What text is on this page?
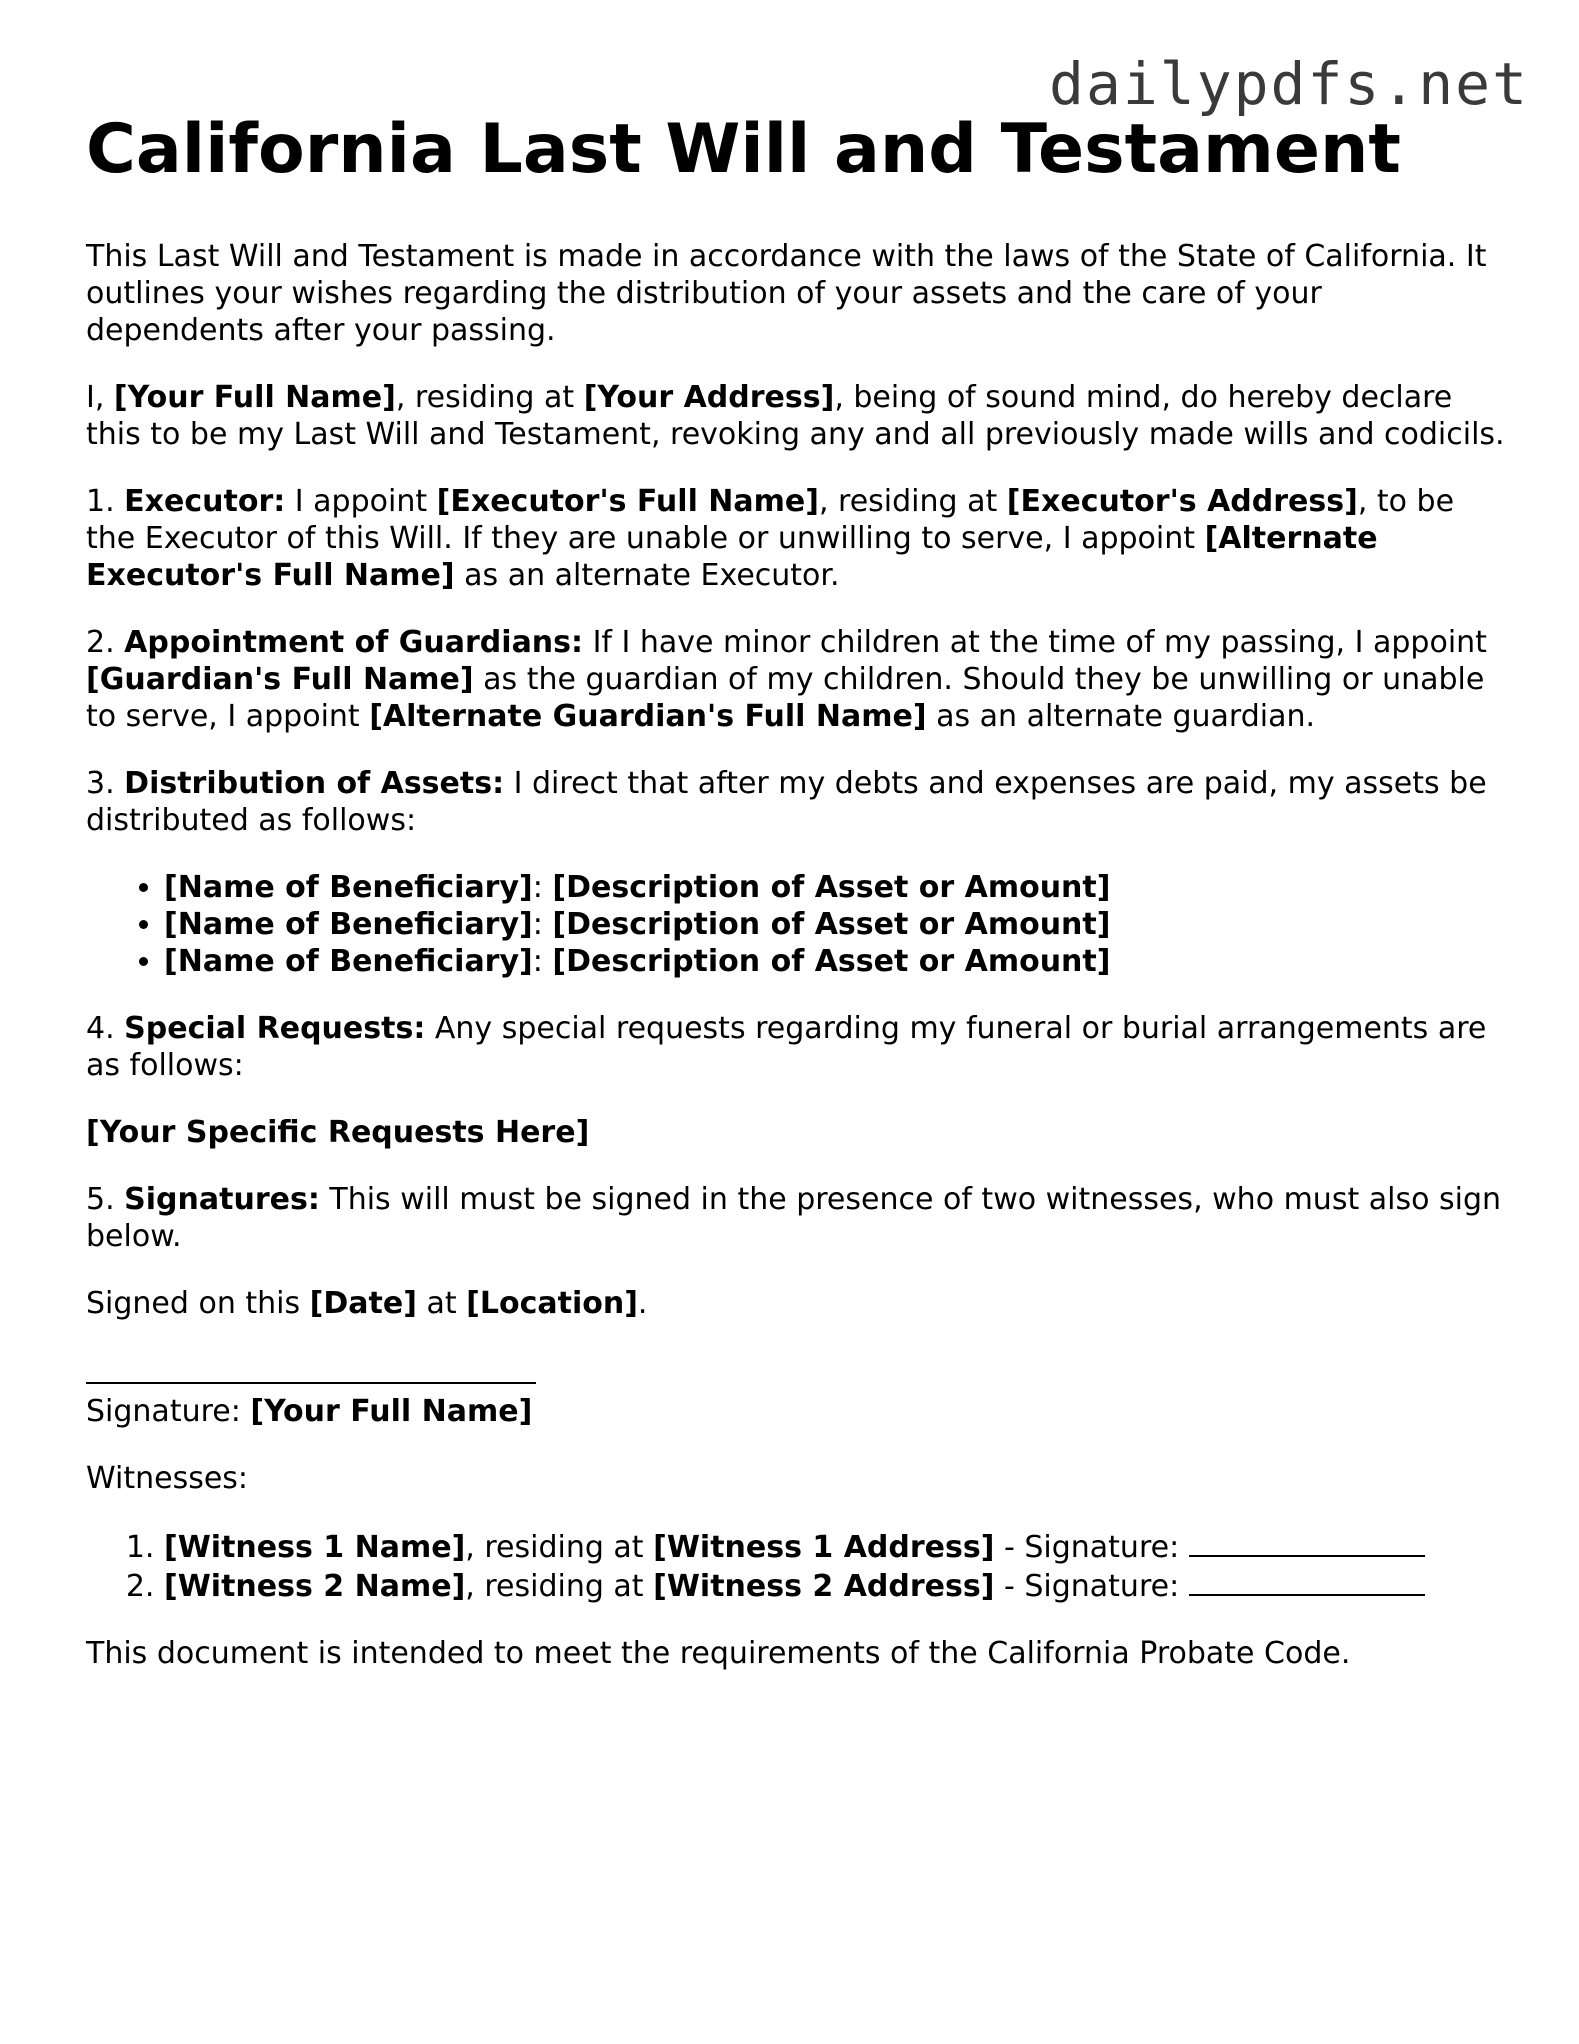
dailypdfs.net
California Last Will and Testament

This Last Will and Testament is made in accordance with the laws of the State of California. It outlines your wishes regarding the distribution of your assets and the care of your dependents after your passing.

I, [Your Full Name], residing at [Your Address], being of sound mind, do hereby declare this to be my Last Will and Testament, revoking any and all previously made wills and codicils.

1. Executor: I appoint [Executor's Full Name], residing at [Executor's Address], to be the Executor of this Will. If they are unable or unwilling to serve, I appoint [Alternate Executor's Full Name] as an alternate Executor.

2. Appointment of Guardians: If I have minor children at the time of my passing, I appoint [Guardian's Full Name] as the guardian of my children. Should they be unwilling or unable to serve, I appoint [Alternate Guardian's Full Name] as an alternate guardian.

3. Distribution of Assets: I direct that after my debts and expenses are paid, my assets be distributed as follows:

• [Name of Beneficiary]: [Description of Asset or Amount]
• [Name of Beneficiary]: [Description of Asset or Amount]
• [Name of Beneficiary]: [Description of Asset or Amount]

4. Special Requests: Any special requests regarding my funeral or burial arrangements are as follows:

[Your Specific Requests Here]

5. Signatures: This will must be signed in the presence of two witnesses, who must also sign below.

Signed on this [Date] at [Location].

Signature: [Your Full Name]

Witnesses:

1. [Witness 1 Name], residing at [Witness 1 Address] - Signature:
2. [Witness 2 Name], residing at [Witness 2 Address] - Signature:

This document is intended to meet the requirements of the California Probate Code.
